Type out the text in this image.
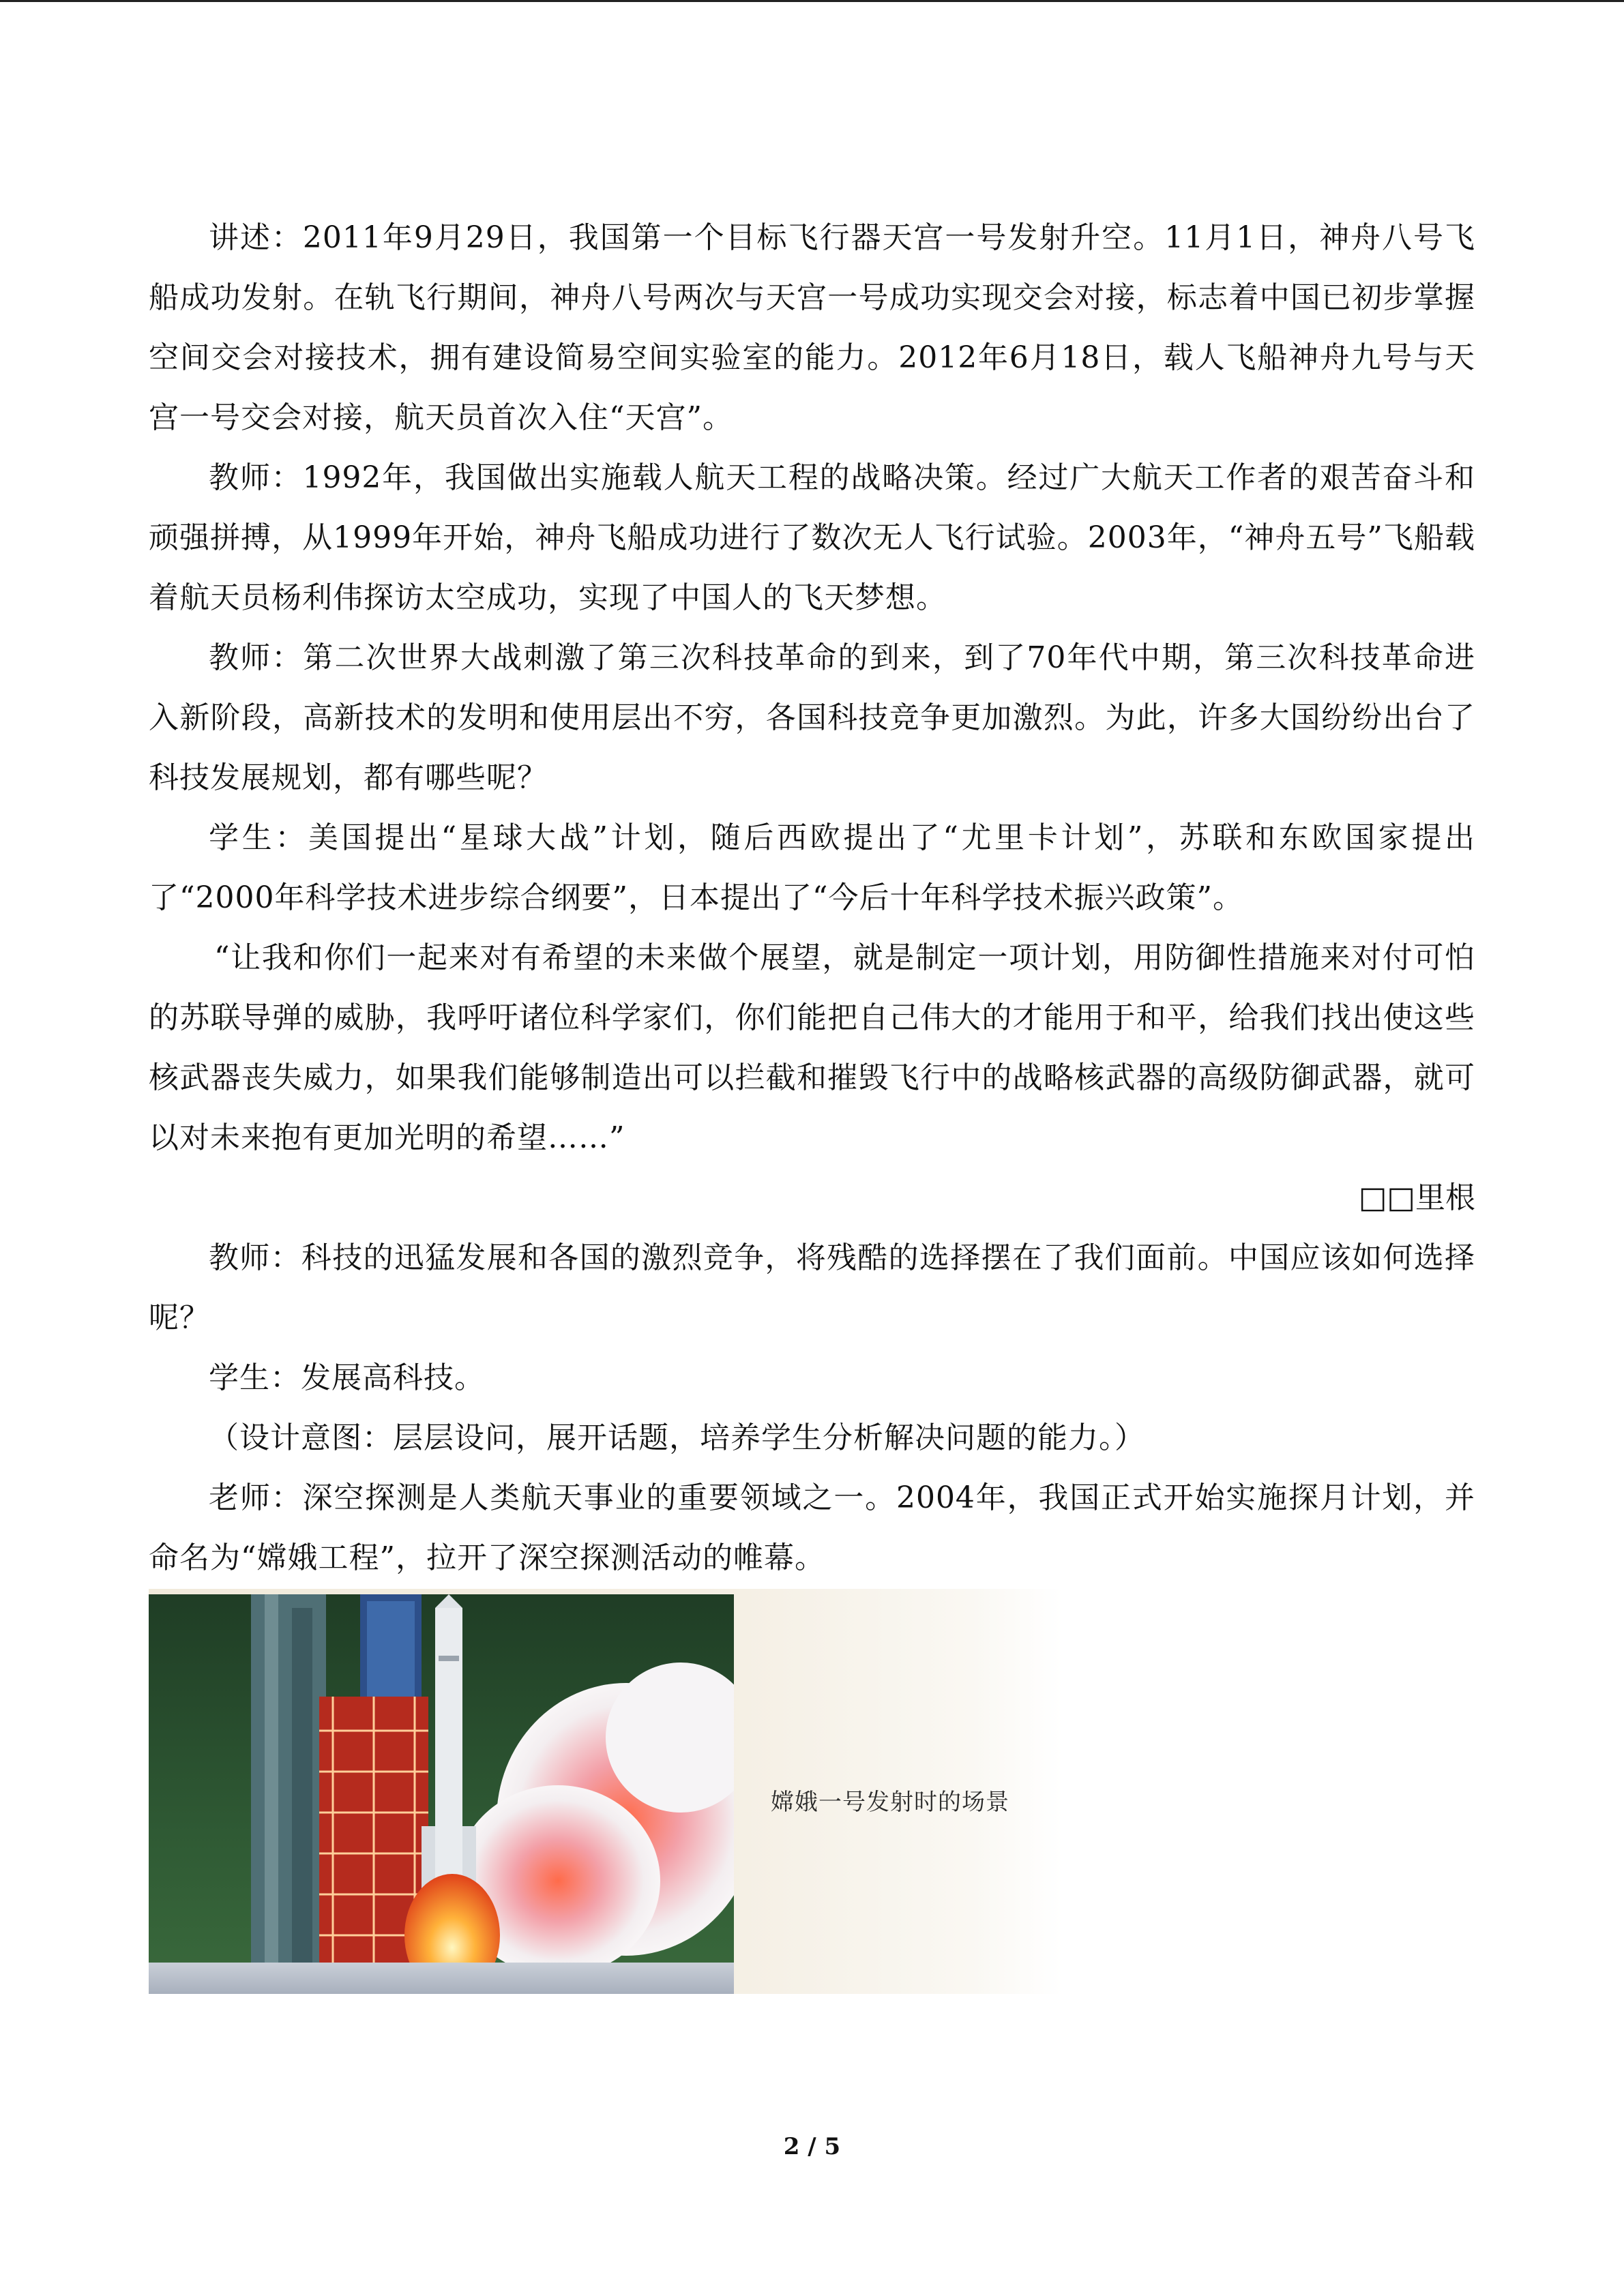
讲述：2011年9月29日，我国第一个目标飞行器天宫一号发射升空。11月1日，神舟八号飞船成功发射。在轨飞行期间，神舟八号两次与天宫一号成功实现交会对接，标志着中国已初步掌握空间交会对接技术，拥有建设简易空间实验室的能力。2012年6月18日，载人飞船神舟九号与天宫一号交会对接，航天员首次入住“天宫”。

教师：1992年，我国做出实施载人航天工程的战略决策。经过广大航天工作者的艰苦奋斗和顽强拼搏，从1999年开始，神舟飞船成功进行了数次无人飞行试验。2003年，“神舟五号”飞船载着航天员杨利伟探访太空成功，实现了中国人的飞天梦想。

教师：第二次世界大战刺激了第三次科技革命的到来，到了70年代中期，第三次科技革命进入新阶段，高新技术的发明和使用层出不穷，各国科技竞争更加激烈。为此，许多大国纷纷出台了科技发展规划，都有哪些呢？

学生：美国提出“星球大战”计划，随后西欧提出了“尤里卡计划”，苏联和东欧国家提出了“2000年科学技术进步综合纲要”，日本提出了“今后十年科学技术振兴政策”。

“让我和你们一起来对有希望的未来做个展望，就是制定一项计划，用防御性措施来对付可怕的苏联导弹的威胁，我呼吁诸位科学家们，你们能把自己伟大的才能用于和平，给我们找出使这些核武器丧失威力，如果我们能够制造出可以拦截和摧毁飞行中的战略核武器的高级防御武器，就可以对未来抱有更加光明的希望……”

□□里根

教师：科技的迅猛发展和各国的激烈竞争，将残酷的选择摆在了我们面前。中国应该如何选择呢？

学生：发展高科技。

（设计意图：层层设问，展开话题，培养学生分析解决问题的能力。）

老师：深空探测是人类航天事业的重要领域之一。2004年，我国正式开始实施探月计划，并命名为“嫦娥工程”，拉开了深空探测活动的帷幕。

嫦娥一号发射时的场景
2 / 5
